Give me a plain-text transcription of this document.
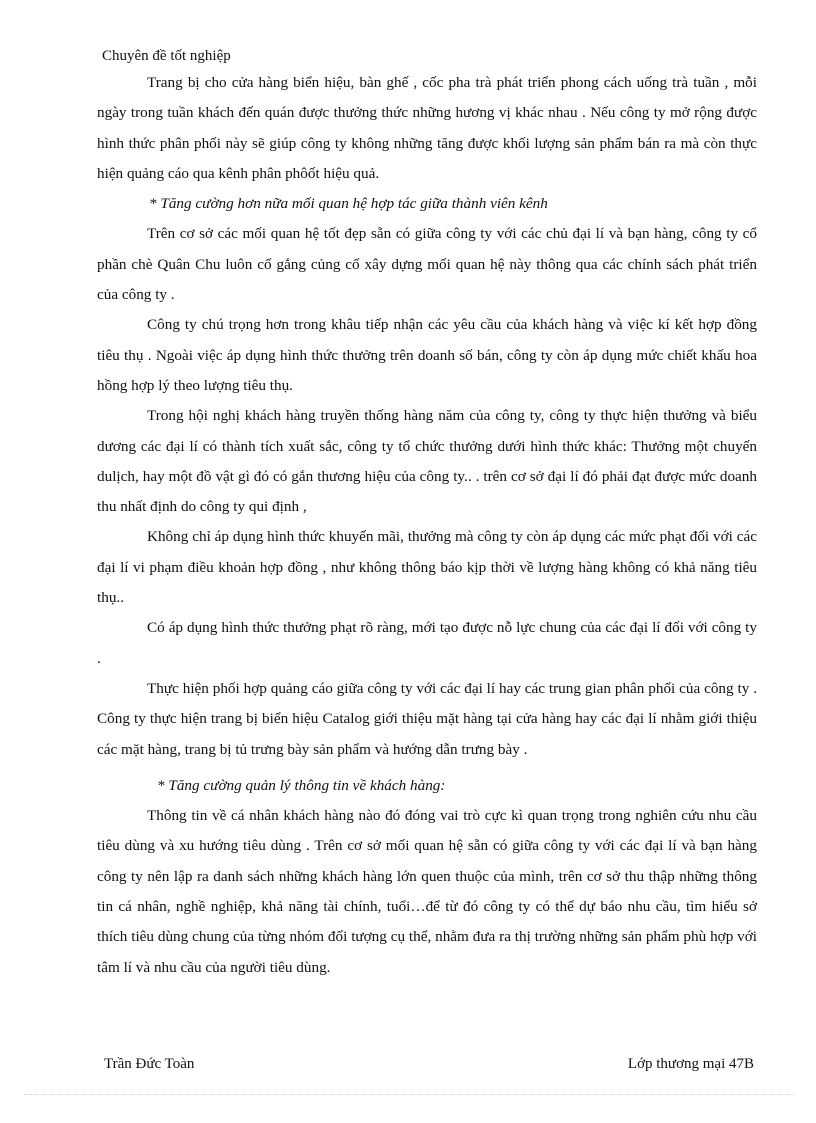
Chuyên đề tốt nghiệp

Trang bị cho cửa hàng biển hiệu, bàn ghế , cốc pha trà phát triển phong cách uống trà tuần , mỗi ngày trong tuần khách đến quán được thưởng thức những hương vị khác nhau . Nếu công ty mở rộng được hình thức phân phối này sẽ giúp công ty không những tăng được khối lượng sản phẩm bán ra mà còn thực hiện quảng cáo qua kênh phân phôốt hiệu quả.

* Tăng cường hơn nữa mối quan hệ hợp tác giữa thành viên kênh

Trên cơ sở các mối quan hệ tốt đẹp sẵn có giữa công ty với các chủ đại lí và bạn hàng, công ty cổ phần chè Quân Chu luôn cố gắng củng cố xây dựng mối quan hệ này thông qua các chính sách phát triển của công ty .

Công ty chú trọng hơn trong khâu tiếp nhận các yêu cầu của khách hàng và việc kí kết hợp đồng tiêu thụ . Ngoài việc áp dụng hình thức thưởng trên doanh số bán, công ty còn áp dụng mức chiết khấu hoa hồng hợp lý theo lượng tiêu thụ.

Trong hội nghị khách hàng truyền thống hàng năm của công ty, công ty thực hiện thưởng và biểu dương các đại lí có thành tích xuất sắc, công ty tổ chức thưởng dưới hình thức khác: Thưởng một chuyến dulịch, hay một đồ vật gì đó có gắn thương hiệu của công ty.. . trên cơ sở đại lí đó phải đạt được mức doanh thu nhất định do công ty qui định ,

Không chỉ áp dụng hình thức khuyến mãi, thưởng mà công ty còn áp dụng các mức phạt đối với các đại lí vi phạm điều khoản hợp đồng , như không thông báo kịp thời về lượng hàng không có khả năng tiêu thụ..

Có áp dụng hình thức thưởng phạt rõ ràng, mới tạo được nỗ lực chung của các đại lí đối với công ty .

Thực hiện phối hợp quảng cáo giữa công ty với các đại lí hay các trung gian phân phối của công ty . Công ty thực hiện trang bị biển hiệu Catalog giới thiệu mặt hàng tại cửa hàng hay các đại lí nhằm giới thiệu các mặt hàng, trang bị tủ trưng bày sản phẩm và hướng dẫn trưng bày .

* Tăng cường quản lý thông tin về khách hàng:

Thông tin về cá nhân khách hàng nào đó đóng vai trò cực kì quan trọng trong nghiên cứu nhu cầu tiêu dùng và xu hướng tiêu dùng . Trên cơ sở mối quan hệ sẵn có giữa công ty với các đại lí và bạn hàng công ty nên lập ra danh sách những khách hàng lớn quen thuộc của mình, trên cơ sở thu thập những thông tin cá nhân, nghề nghiệp, khả năng tài chính, tuổi…để từ đó công ty có thể dự báo nhu cầu, tìm hiểu sở thích tiêu dùng chung của từng nhóm đối tượng cụ thể, nhằm đưa ra thị trường những sản phẩm phù hợp với tâm lí và nhu cầu của người tiêu dùng.

Trần Đức Toàn	Lớp thương mại 47B
